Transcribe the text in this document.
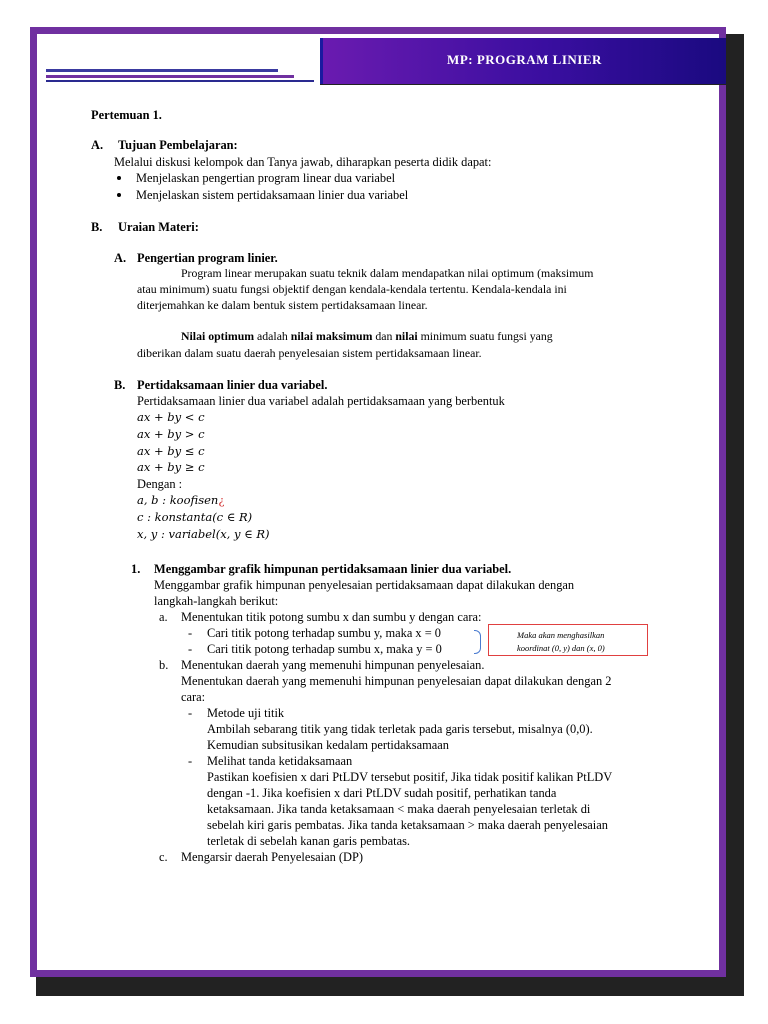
MP: PROGRAM LINIER
Pertemuan 1.
A. Tujuan Pembelajaran:
Melalui diskusi kelompok dan Tanya jawab, diharapkan peserta didik dapat:
Menjelaskan pengertian program linear dua variabel
Menjelaskan sistem pertidaksamaan linier dua variabel
B. Uraian Materi:
A. Pengertian program linier.
Program linear merupakan suatu teknik dalam mendapatkan nilai optimum (maksimum
atau minimum) suatu fungsi objektif dengan kendala-kendala tertentu. Kendala-kendala ini
diterjemahkan ke dalam bentuk sistem pertidaksamaan linear.
Nilai optimum adalah nilai maksimum dan nilai minimum suatu fungsi yang
diberikan dalam suatu daerah penyelesaian sistem pertidaksamaan linear.
B. Pertidaksamaan linier dua variabel.
Pertidaksamaan linier dua variabel adalah pertidaksamaan yang berbentuk
ax + by < c
ax + by > c
ax + by ≤ c
ax + by ≥ c
Dengan :
a, b : koofisen¿
c : konstanta(c ∈ R)
x, y : variabel(x, y ∈ R)
1. Menggambar grafik himpunan pertidaksamaan linier dua variabel.
Menggambar grafik himpunan penyelesaian pertidaksamaan dapat dilakukan dengan
langkah-langkah berikut:
a. Menentukan titik potong sumbu x dan sumbu y dengan cara:
- Cari titik potong terhadap sumbu y, maka x = 0
- Cari titik potong terhadap sumbu x, maka y = 0
Maka akan menghasilkan
koordinat (0, y) dan (x, 0)
b. Menentukan daerah yang memenuhi himpunan penyelesaian.
Menentukan daerah yang memenuhi himpunan penyelesaian dapat dilakukan dengan 2
cara:
- Metode uji titik
Ambilah sebarang titik yang tidak terletak pada garis tersebut, misalnya (0,0).
Kemudian subsitusikan kedalam pertidaksamaan
- Melihat tanda ketidaksamaan
Pastikan koefisien x dari PtLDV tersebut positif, Jika tidak positif kalikan PtLDV
dengan -1. Jika koefisien x dari PtLDV sudah positif, perhatikan tanda
ketaksamaan. Jika tanda ketaksamaan < maka daerah penyelesaian terletak di
sebelah kiri garis pembatas. Jika tanda ketaksamaan > maka daerah penyelesaian
terletak di sebelah kanan garis pembatas.
c. Mengarsir daerah Penyelesaian (DP)
